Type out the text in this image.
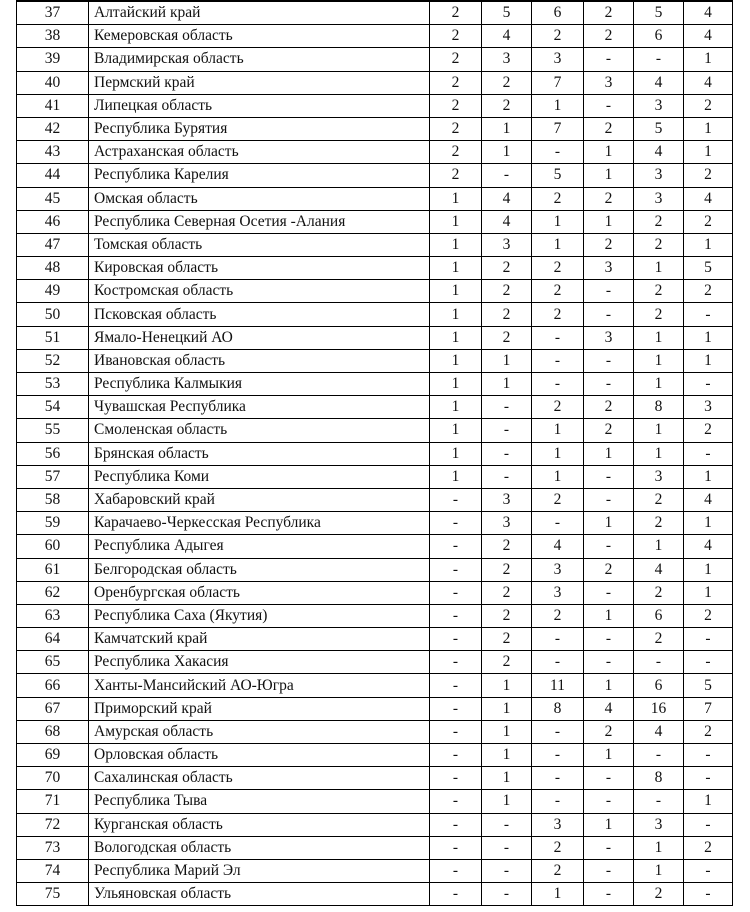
37	Алтайский край	2	5	6	2	5	4
38	Кемеровская область	2	4	2	2	6	4
39	Владимирская область	2	3	3	-	-	1
40	Пермский край	2	2	7	3	4	4
41	Липецкая область	2	2	1	-	3	2
42	Республика Бурятия	2	1	7	2	5	1
43	Астраханская область	2	1	-	1	4	1
44	Республика Карелия	2	-	5	1	3	2
45	Омская область	1	4	2	2	3	4
46	Республика Северная Осетия -Алания	1	4	1	1	2	2
47	Томская область	1	3	1	2	2	1
48	Кировская область	1	2	2	3	1	5
49	Костромская область	1	2	2	-	2	2
50	Псковская область	1	2	2	-	2	-
51	Ямало-Ненецкий АО	1	2	-	3	1	1
52	Ивановская область	1	1	-	-	1	1
53	Республика Калмыкия	1	1	-	-	1	-
54	Чувашская Республика	1	-	2	2	8	3
55	Смоленская область	1	-	1	2	1	2
56	Брянская область	1	-	1	1	1	-
57	Республика Коми	1	-	1	-	3	1
58	Хабаровский край	-	3	2	-	2	4
59	Карачаево-Черкесская Республика	-	3	-	1	2	1
60	Республика Адыгея	-	2	4	-	1	4
61	Белгородская область	-	2	3	2	4	1
62	Оренбургская область	-	2	3	-	2	1
63	Республика Саха (Якутия)	-	2	2	1	6	2
64	Камчатский край	-	2	-	-	2	-
65	Республика Хакасия	-	2	-	-	-	-
66	Ханты-Мансийский АО-Югра	-	1	11	1	6	5
67	Приморский край	-	1	8	4	16	7
68	Амурская область	-	1	-	2	4	2
69	Орловская область	-	1	-	1	-	-
70	Сахалинская область	-	1	-	-	8	-
71	Республика Тыва	-	1	-	-	-	1
72	Курганская область	-	-	3	1	3	-
73	Вологодская область	-	-	2	-	1	2
74	Республика Марий Эл	-	-	2	-	1	-
75	Ульяновская область	-	-	1	-	2	-
